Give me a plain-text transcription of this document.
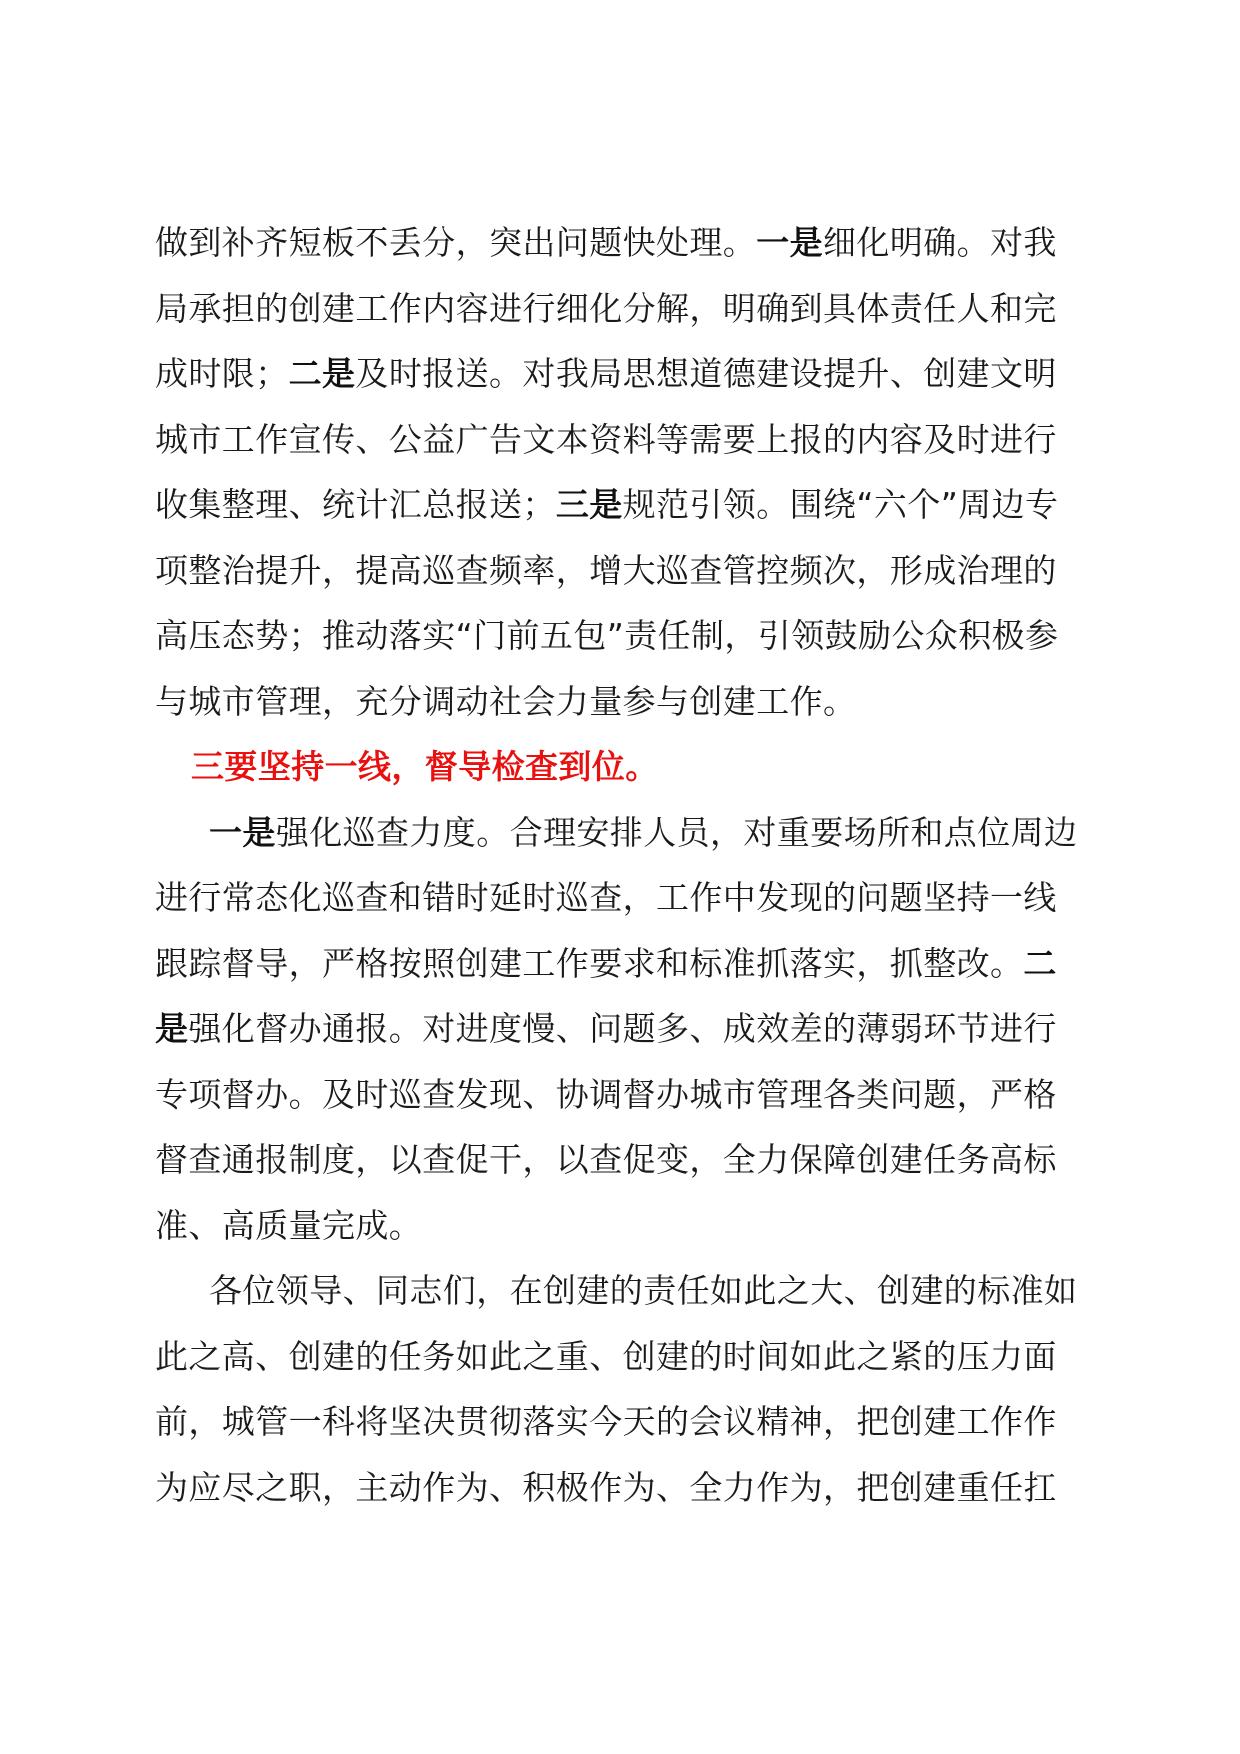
做到补齐短板不丢分，突出问题快处理。一是细化明确。对我局承担的创建工作内容进行细化分解，明确到具体责任人和完成时限；二是及时报送。对我局思想道德建设提升、创建文明城市工作宣传、公益广告文本资料等需要上报的内容及时进行收集整理、统计汇总报送；三是规范引领。围绕“六个”周边专项整治提升，提高巡查频率，增大巡查管控频次，形成治理的高压态势；推动落实“门前五包”责任制，引领鼓励公众积极参与城市管理，充分调动社会力量参与创建工作。

三要坚持一线，督导检查到位。

一是强化巡查力度。合理安排人员，对重要场所和点位周边进行常态化巡查和错时延时巡查，工作中发现的问题坚持一线跟踪督导，严格按照创建工作要求和标准抓落实，抓整改。二是强化督办通报。对进度慢、问题多、成效差的薄弱环节进行专项督办。及时巡查发现、协调督办城市管理各类问题，严格督查通报制度，以查促干，以查促变，全力保障创建任务高标准、高质量完成。

各位领导、同志们，在创建的责任如此之大、创建的标准如此之高、创建的任务如此之重、创建的时间如此之紧的压力面前，城管一科将坚决贯彻落实今天的会议精神，把创建工作作为应尽之职，主动作为、积极作为、全力作为，把创建重任扛
